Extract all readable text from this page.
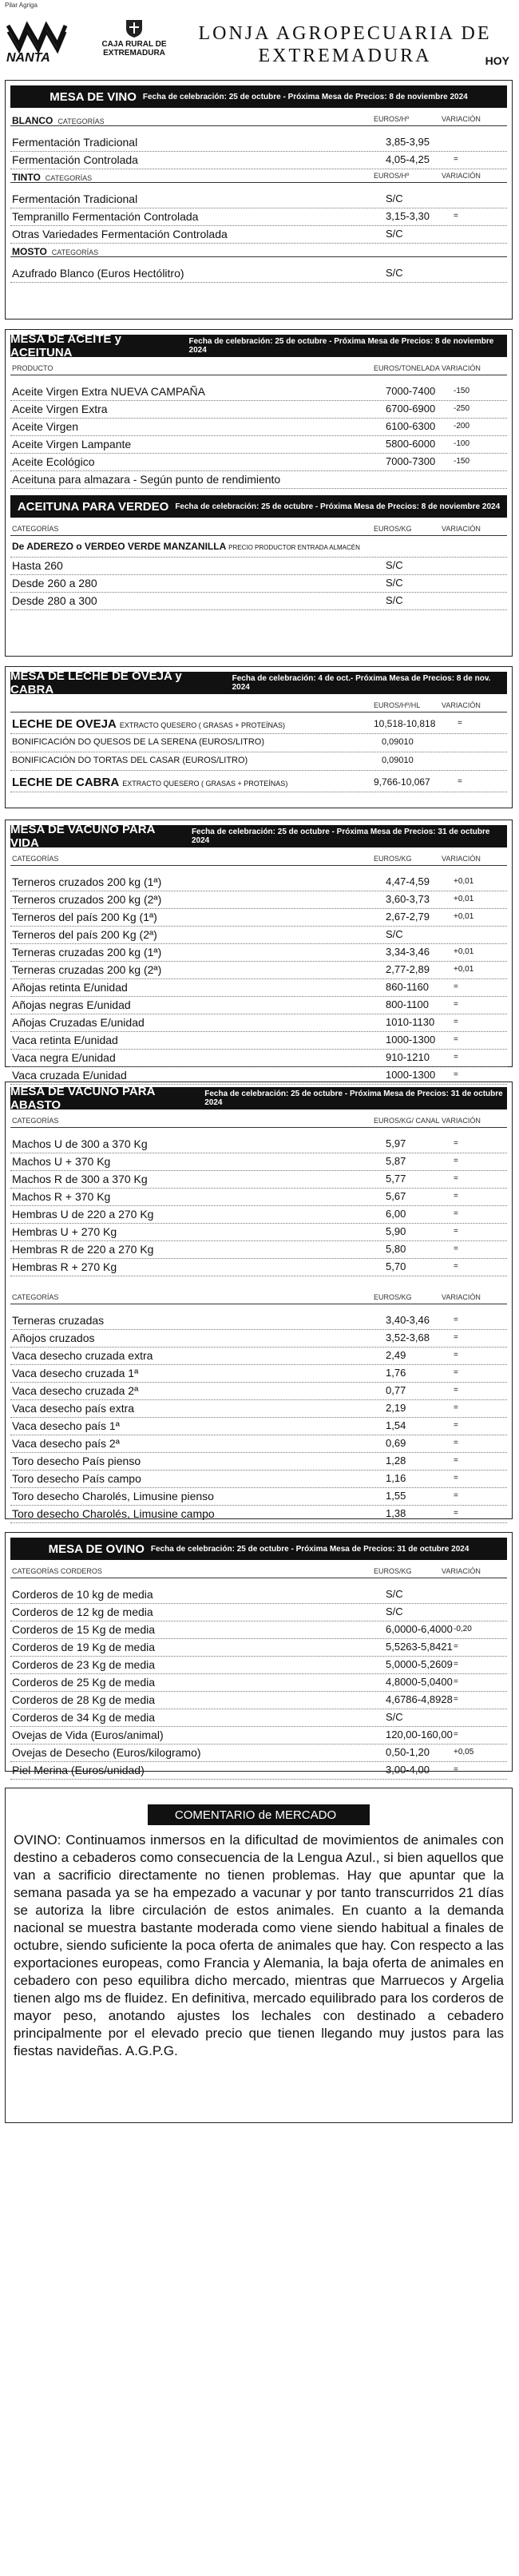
Pilar Agriga
NANTA
CAJA RURAL DE EXTREMADURA
LONJA AGROPECUARIA DE EXTREMADURA	HOY
MESA DE VINO Fecha de celebración: 25 de octubre - Próxima Mesa de Precios: 8 de noviembre 2024
BLANCO CATEGORÍAS	EUROS/Hº	VARIACIÓN
Fermentación Tradicional	3,85-3,95
Fermentación Controlada	4,05-4,25	=
TINTO CATEGORÍAS	EUROS/Hº	VARIACIÓN
Fermentación Tradicional	S/C
Tempranillo Fermentación Controlada	3,15-3,30	=
Otras Variedades Fermentación Controlada	S/C
MOSTO CATEGORÍAS
Azufrado Blanco (Euros Hectólitro)	S/C
MESA DE ACEITE y ACEITUNA
Fecha de celebración: 25 de octubre - Próxima Mesa de Precios: 8 de noviembre 2024
PRODUCTO	EUROS/TONELADA VARIACIÓN
Aceite Virgen Extra NUEVA CAMPAÑA	7000-7400 -150
Aceite Virgen Extra	6700-6900 -250
Aceite Virgen	6100-6300 -200
Aceite Virgen Lampante	5800-6000 -100
Aceite Ecológico	7000-7300 -150
Aceituna para almazara - Según punto de rendimiento
ACEITUNA PARA VERDEO Fecha de celebración: 25 de octubre - Próxima Mesa de Precios: 8 de noviembre 2024
CATEGORÍAS	EUROS/KG	VARIACIÓN
De ADEREZO o VERDEO VERDE MANZANILLA PRECIO PRODUCTOR ENTRADA ALMACÉN
Hasta 260	S/C
Desde 260 a 280	S/C
Desde 280 a 300	S/C
MESA DE LECHE DE OVEJA y CABRA
Fecha de celebración: 4 de oct.- Próxima Mesa de Precios: 8 de nov. 2024
EUROS/Hº/HL	VARIACIÓN
LECHE DE OVEJA EXTRACTO QUESERO ( GRASAS + PROTEÍNAS)	10,518-10,818	=
BONIFICACIÓN DO QUESOS DE LA SERENA (EUROS/LITRO)	0,09010
BONIFICACIÓN DO TORTAS DEL CASAR (EUROS/LITRO)	0,09010
LECHE DE CABRA EXTRACTO QUESERO ( GRASAS + PROTEÍNAS)	9,766-10,067	=
MESA DE VACUNO PARA VIDA
Fecha de celebración: 25 de octubre - Próxima Mesa de Precios: 31 de octubre 2024
CATEGORÍAS	EUROS/KG	VARIACIÓN
Terneros cruzados 200 kg (1ª)	4,47-4,59	+0,01
Terneros cruzados 200 kg (2ª)	3,60-3,73	+0,01
Terneros del país 200 Kg (1ª)	2,67-2,79	+0,01
Terneros del país 200 Kg (2ª)	S/C
Terneras cruzadas 200 kg (1ª)	3,34-3,46	+0,01
Terneras cruzadas 200 kg (2ª)	2,77-2,89	+0,01
Añojas retinta E/unidad	860-1160	=
Añojas negras E/unidad	800-1100	=
Añojas Cruzadas E/unidad	1010-1130 =
Vaca retinta E/unidad	1000-1300 =
Vaca negra E/unidad	910-1210	=
Vaca cruzada E/unidad	1000-1300 =
MESA DE VACUNO PARA ABASTO
Fecha de celebración: 25 de octubre - Próxima Mesa de Precios: 31 de octubre 2024
CATEGORÍAS	EUROS/KG/ CANAL VARIACIÓN
Machos U de 300 a 370 Kg	5,97	=
Machos U + 370 Kg	5,87	=
Machos R de 300 a 370 Kg	5,77	=
Machos R + 370 Kg	5,67	=
Hembras U de 220 a 270 Kg	6,00	=
Hembras U + 270 Kg	5,90	=
Hembras R de 220 a 270 Kg	5,80	=
Hembras R + 270 Kg	5,70	=
CATEGORÍAS	EUROS/KG	VARIACIÓN
Terneras cruzadas	3,40-3,46	=
Añojos cruzados	3,52-3,68	=
Vaca desecho cruzada extra	2,49	=
Vaca desecho cruzada 1ª	1,76	=
Vaca desecho cruzada 2ª	0,77	=
Vaca desecho país extra	2,19	=
Vaca desecho país 1ª	1,54	=
Vaca desecho país 2ª	0,69	=
Toro desecho País pienso	1,28	=
Toro desecho País campo	1,16	=
Toro desecho Charolés, Limusine pienso	1,55	=
Toro desecho Charolés, Limusine campo	1,38	=
MESA DE OVINO Fecha de celebración: 25 de octubre - Próxima Mesa de Precios: 31 de octubre 2024
CATEGORÍAS CORDEROS	EUROS/KG	VARIACIÓN
Corderos de 10 kg de media	S/C
Corderos de 12 kg de media	S/C
Corderos de 15 Kg de media	6,0000-6,4000 -0,20
Corderos de 19 Kg de media	5,5263-5,8421 =
Corderos de 23 Kg de media	5,0000-5,2609 =
Corderos de 25 Kg de media	4,8000-5,0400 =
Corderos de 28 Kg de media	4,6786-4,8928 =
Corderos de 34 Kg de media	S/C
Ovejas de Vida (Euros/animal)	120,00-160,00 =
Ovejas de Desecho (Euros/kilogramo)	0,50-1,20	+0,05
Piel Merina (Euros/unidad)	3,00-4,00	=
COMENTARIO de MERCADO
OVINO: Continuamos inmersos en la dificultad de movimientos de animales con destino a cebaderos como consecuencia de la Lengua Azul., si bien aquellos que van a sacrificio directamente no tienen problemas. Hay que apuntar que la semana pasada ya se ha empezado a vacunar y por tanto transcurridos 21 días se autoriza la libre circulación de estos animales. En cuanto a la demanda nacional se muestra bastante moderada como viene siendo habitual a finales de octubre, siendo suficiente la poca oferta de animales que hay. Con respecto a las exportaciones europeas, como Francia y Alemania, la baja oferta de animales en cebadero con peso equilibra dicho mercado, mientras que Marruecos y Argelia tienen algo ms de fluidez. En definitiva, mercado equilibrado para los corderos de mayor peso, anotando ajustes los lechales con destinado a cebadero principalmente por el elevado precio que tienen llegando muy justos para las fiestas navideñas. A.G.P.G.
